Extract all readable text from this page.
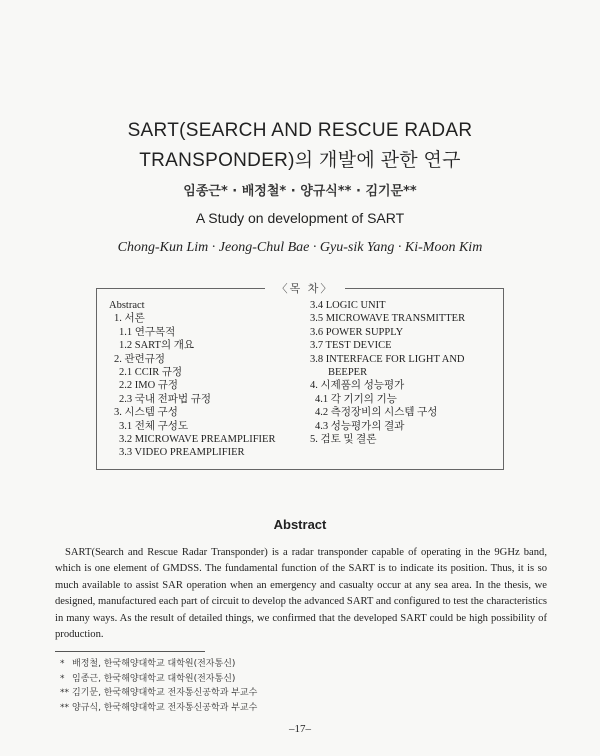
SART(SEARCH AND RESCUE RADAR
TRANSPONDER)의 개발에 관한 연구
임종근* · 배정철* · 양규식** · 김기문**
A Study on development of SART
Chong-Kun Lim · Jeong-Chul Bae · Gyu-sik Yang · Ki-Moon Kim
〈목 차〉
Abstract
1. 서론
1.1 연구목적
1.2 SART의 개요
2. 관련규정
2.1 CCIR 규정
2.2 IMO 규정
2.3 국내 전파법 규정
3. 시스템 구성
3.1 전체 구성도
3.2 MICROWAVE PREAMPLIFIER
3.3 VIDEO PREAMPLIFIER
3.4 LOGIC UNIT
3.5 MICROWAVE TRANSMITTER
3.6 POWER SUPPLY
3.7 TEST DEVICE
3.8 INTERFACE FOR LIGHT AND
BEEPER
4. 시제품의 성능평가
4.1 각 기기의 기능
4.2 측정장비의 시스템 구성
4.3 성능평가의 결과
5. 검토 및 결론
Abstract
SART(Search and Rescue Radar Transponder) is a radar transponder capable of operating in the 9GHz band, which is one element of GMDSS. The fundamental function of the SART is to indicate its position. Thus, it is so much available to assist SAR operation when an emergency and casualty occur at any sea area. In the thesis, we designed, manufactured each part of circuit to develop the advanced SART and configured to test the characteristics in many ways. As the result of detailed things, we confirmed that the developed SART could be high possibility of production.
* 배정철, 한국해양대학교 대학원(전자통신)
* 임종근, 한국해양대학교 대학원(전자통신)
** 김기문, 한국해양대학교 전자통신공학과 부교수
** 양규식, 한국해양대학교 전자통신공학과 부교수
–17–
